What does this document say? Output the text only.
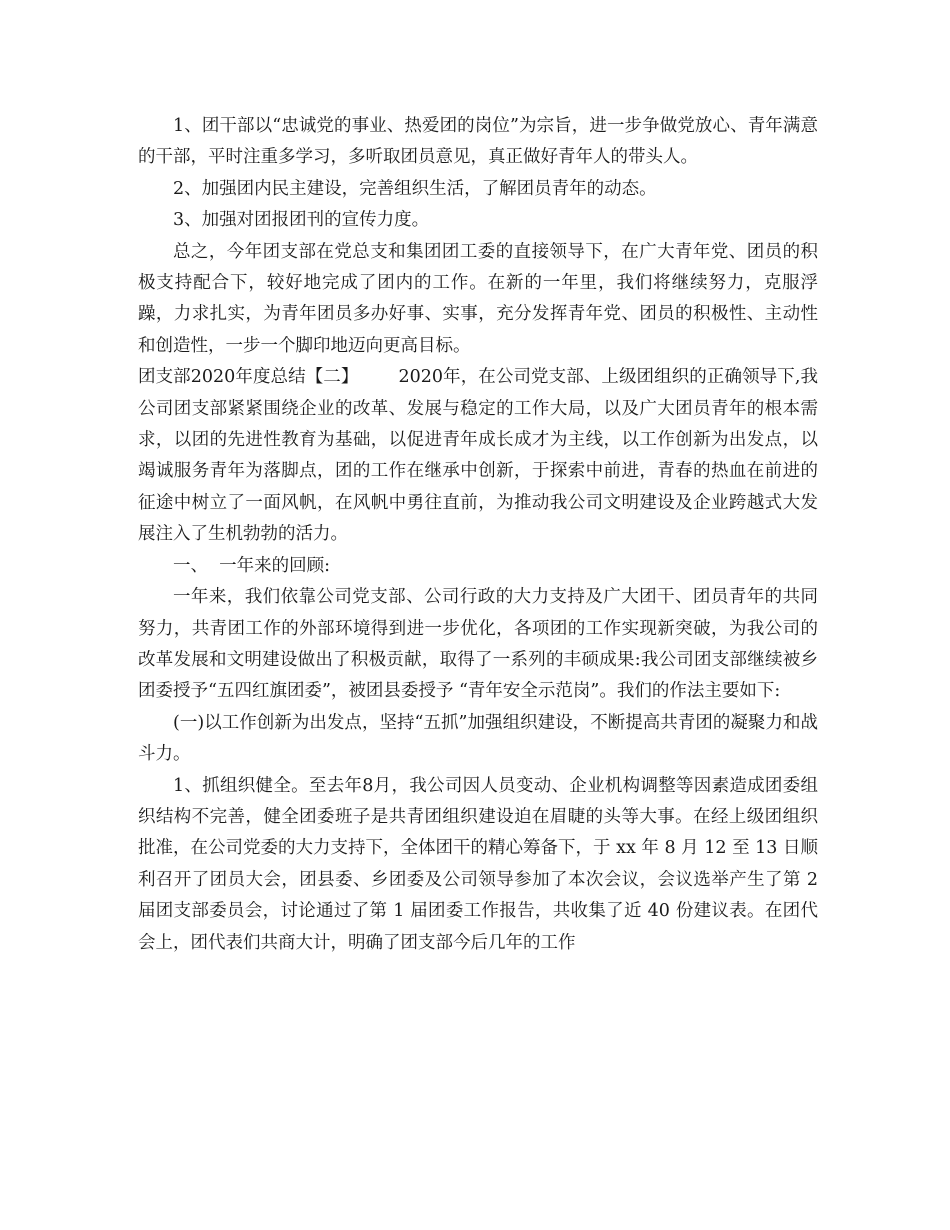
1、团干部以“忠诚党的事业、热爱团的岗位”为宗旨，进一步争做党放心、青年满意的干部，平时注重多学习，多听取团员意见，真正做好青年人的带头人。

2、加强团内民主建设，完善组织生活，了解团员青年的动态。

3、加强对团报团刊的宣传力度。

总之，今年团支部在党总支和集团团工委的直接领导下，在广大青年党、团员的积极支持配合下，较好地完成了团内的工作。在新的一年里，我们将继续努力，克服浮躁，力求扎实，为青年团员多办好事、实事，充分发挥青年党、团员的积极性、主动性和创造性，一步一个脚印地迈向更高目标。

团支部2020年度总结【二】 2020年，在公司党支部、上级团组织的正确领导下,我公司团支部紧紧围绕企业的改革、发展与稳定的工作大局，以及广大团员青年的根本需求，以团的先进性教育为基础，以促进青年成长成才为主线，以工作创新为出发点，以竭诚服务青年为落脚点，团的工作在继承中创新，于探索中前进，青春的热血在前进的征途中树立了一面风帆，在风帆中勇往直前，为推动我公司文明建设及企业跨越式大发展注入了生机勃勃的活力。

一、  一年来的回顾:

一年来，我们依靠公司党支部、公司行政的大力支持及广大团干、团员青年的共同努力，共青团工作的外部环境得到进一步优化，各项团的工作实现新突破，为我公司的改革发展和文明建设做出了积极贡献，取得了一系列的丰硕成果:我公司团支部继续被乡团委授予“五四红旗团委”，被团县委授予 “青年安全示范岗”。我们的作法主要如下:

(一)以工作创新为出发点，坚持“五抓”加强组织建设，不断提高共青团的凝聚力和战斗力。

1、抓组织健全。至去年8月，我公司因人员变动、企业机构调整等因素造成团委组织结构不完善，健全团委班子是共青团组织建设迫在眉睫的头等大事。在经上级团组织批准，在公司党委的大力支持下，全体团干的精心筹备下，于 xx 年 8 月 12 至 13 日顺利召开了团员大会，团县委、乡团委及公司领导参加了本次会议，会议选举产生了第 2 届团支部委员会，讨论通过了第 1 届团委工作报告，共收集了近 40 份建议表。在团代会上，团代表们共商大计，明确了团支部今后几年的工作
